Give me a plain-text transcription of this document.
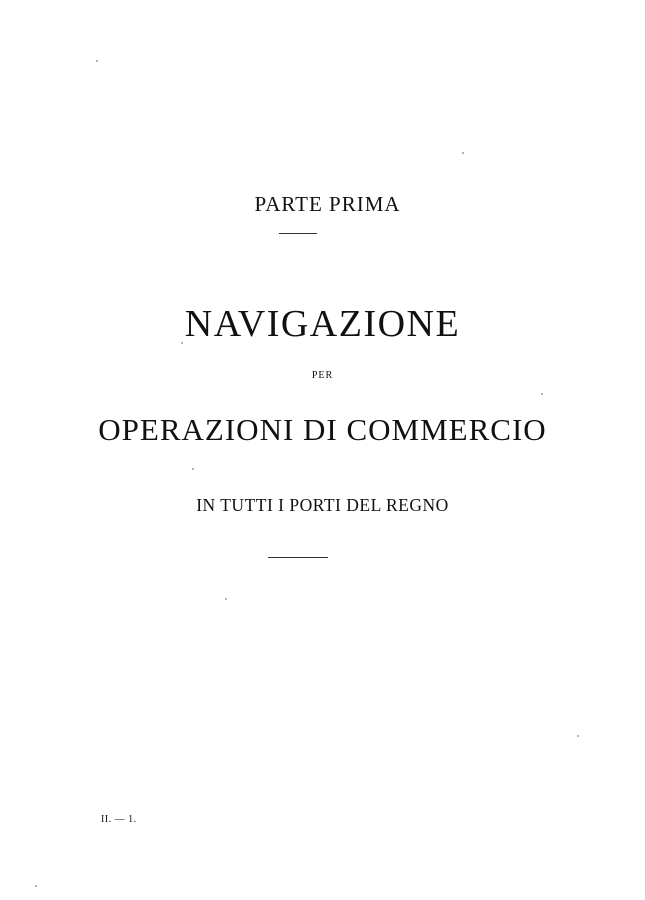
PARTE PRIMA
NAVIGAZIONE
PER
OPERAZIONI DI COMMERCIO
IN TUTTI I PORTI DEL REGNO
II. — 1.
